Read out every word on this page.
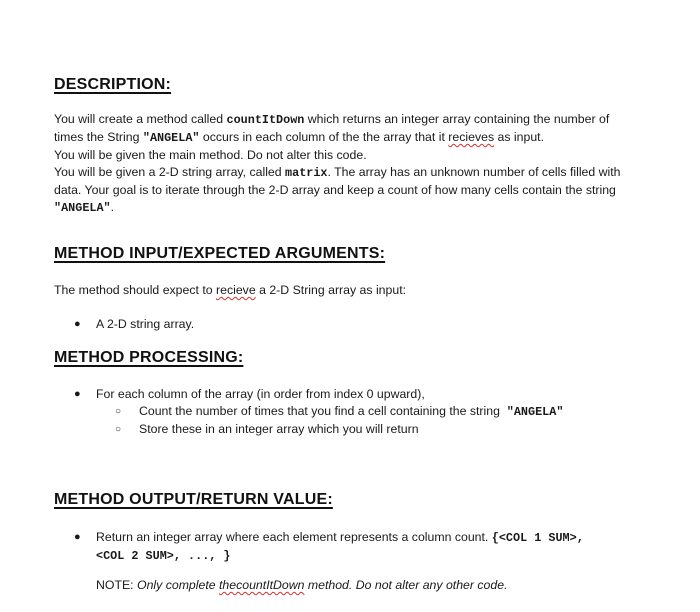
DESCRIPTION:

You will create a method called countItDown which returns an integer array containing the number of times the String "ANGELA" occurs in each column of the the array that it recieves as input.

You will be given the main method. Do not alter this code.

You will be given a 2-D string array, called matrix. The array has an unknown number of cells filled with data. Your goal is to iterate through the 2-D array and keep a count of how many cells contain the string "ANGELA".

METHOD INPUT/EXPECTED ARGUMENTS:
The method should expect to recieve a 2-D String array as input:
●	A 2-D string array.
METHOD PROCESSING:
●	For each column of the array (in order from index 0 upward),
○	Count the number of times that you find a cell containing the string  "ANGELA"
○	Store these in an integer array which you will return
METHOD OUTPUT/RETURN VALUE:
●	Return an integer array where each element represents a column count. {<COL 1 SUM>, <COL 2 SUM>, ..., }
NOTE: Only complete thecountItDown method. Do not alter any other code.
